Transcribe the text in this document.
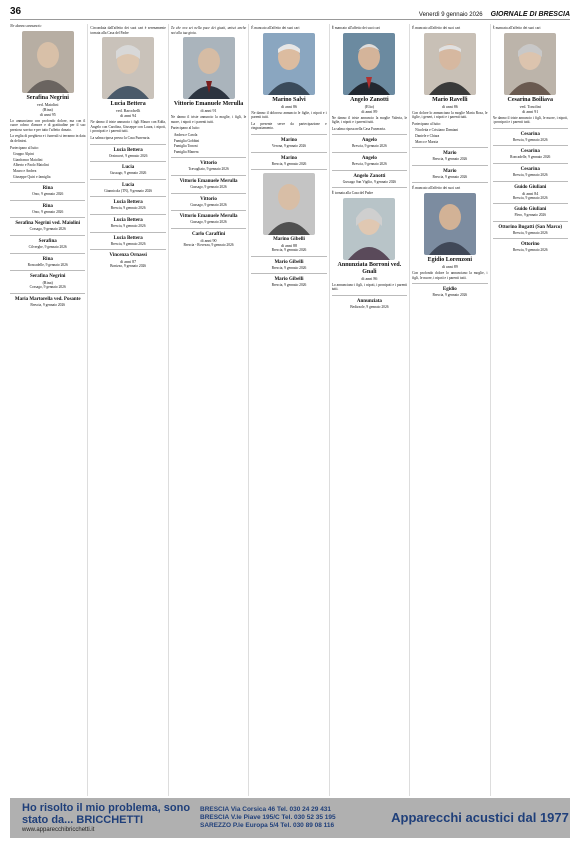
36	Venerdì 9 gennaio 2026 GIORNALE DI BRESCIA
Ne danno annuncio
Serafina Negrini
ved. Maiolini
(Rina)
di anni 95
Lo annunciano con profondo dolore, ma con il cuore colmo d'amore e di gratitudine per il suo prezioso sorriso e per tutto l'affetto donato.
La veglia di preghiera e i funerali si terranno in data da definirsi.
Partecipano al lutto:
Gruppo Alpini
Gianfranco Maiolini
Alberto e Paolo Maiolini
Mauro e Andrea
Giuseppe Quiri e famiglia
Rina
Orzo, 9 gennaio 2026
Rina
Orzo, 9 gennaio 2026
Serafina Negrini ved. Maiolini
Cossago, 9 gennaio 2026
Serafina
Cilverghe, 9 gennaio 2026
Rina
Roncadelle, 9 gennaio 2026
Serafina Negrini
(Rina)
Cossago, 9 gennaio 2026
Maria Martorella ved. Posante
Brescia, 9 gennaio 2026
Circondata dall'affetto dei suoi cari è serenamente tornata alla Casa del Padre
Lucia Bettera
ved. Barochelli
di anni 94
Ne danno il triste annuncio i figli Mauro con Edda, Angelo con Carolina, Giuseppe con Laura, i nipoti, i pronipoti e i parenti tutti.
La salma riposa presso la Casa Funeraria.
Lucia Bettera
Orzinuovi, 9 gennaio 2026
Lucia
Gussago, 9 gennaio 2026
Lucia
Giannicola (TN), 9 gennaio 2026
Lucia Bettera
Brescia, 9 gennaio 2026
Lucia Bettera
Brescia, 9 gennaio 2026
Lucia Bettera
Brescia, 9 gennaio 2026
Vincenza Ornassi
di anni 87
Bonizzo, 9 gennaio 2026
Tu che ora sei nella pace dei giusti, unisci anche noi alla tua gioia.
Vittorio Emanuele Merulla
di anni 91
Ne danno il triste annuncio la moglie, i figli, le nuore, i nipoti e i parenti tutti.
Partecipano al lutto:
Andrea e Carola
Famiglia Gobbini
Famiglia Tononi
Famiglia Manera
Vittorio
Travagliato, 9 gennaio 2026
Vittorio Emanuele Merulla
Gussago, 9 gennaio 2026
Vittorio
Gussago, 9 gennaio 2026
Vittorio Emanuele Merulla
Gussago, 9 gennaio 2026
Carlo Caraffini
di anni 90
Brescia - Rovezza, 9 gennaio 2026
È mancato all'affetto dei suoi cari
Marino Salvi
di anni 86
Ne danno il doloroso annuncio le figlie, i nipoti e i parenti tutti.
La presente serve da partecipazione e ringraziamento.
Marino
Verona, 9 gennaio 2026
Marino
Brescia, 9 gennaio 2026
Marino Gibelli
di anni 88
Brescia, 9 gennaio 2026
Mario Gibelli
Brescia, 9 gennaio 2026
Mario Gibelli
Brescia, 9 gennaio 2026
È mancato all'affetto dei suoi cari
Angelo Zanotti
(Elio)
di anni 89
Ne danno il triste annuncio la moglie Valeria, le figlie, i nipoti e i parenti tutti.
La salma riposa nella Casa Funeraria.
Angelo
Brescia, 9 gennaio 2026
Angelo
Brescia, 9 gennaio 2026
Angelo Zanotti
Gussago San Vigilio, 9 gennaio 2026
È tornata alla Casa del Padre
Annunziata Borroni ved. Gnali
di anni 86
Lo annunciano i figli, i nipoti, i pronipoti e i parenti tutti.
Annunziata
Bedizzole, 9 gennaio 2026
È mancato all'affetto dei suoi cari
Mario Ravelli
di anni 86
Con dolore lo annunciano la moglie Maria Rosa, le figlie, i generi, i nipoti e i parenti tutti.
Partecipano al lutto:
Nicoletta e Cristiano Damiani
Daniele e Chiara
Marco e Marzia
Mario
Brescia, 9 gennaio 2026
Mario
Brescia, 9 gennaio 2026
È mancato all'affetto dei suoi cari
Egidio Lorenzoni
di anni 89
Con profondo dolore lo annunciano la moglie, i figli, le nuore, i nipoti e i parenti tutti.
Egidio
Brescia, 9 gennaio 2026
È mancata all'affetto dei suoi cari
Cesarina Boiliava
ved. Tonolini
di anni 91
Ne danno il triste annuncio i figli, le nuore, i nipoti, i pronipoti e i parenti tutti.
Cesarina
Brescia, 9 gennaio 2026
Cesarina
Roncadelle, 9 gennaio 2026
Cesarina
Brescia, 9 gennaio 2026
Guido Giuliani
di anni 84
Brescia, 9 gennaio 2026
Guido Giuliani
Flero, 9 gennaio 2026
Ottorino Bugatti (San Marco)
Brescia, 9 gennaio 2026
Ottorino
Brescia, 9 gennaio 2026
Ho risolto il mio problema, sono stato da... BRICCHETTI
www.apparecchibricchetti.it
BRESCIA Via Corsica 46 Tel. 030 24 29 431
BRESCIA V.le Piave 195/C Tel. 030 52 35 195
SAREZZO P.le Europa 5/4 Tel. 030 89 08 116
Apparecchi acustici dal 1977
